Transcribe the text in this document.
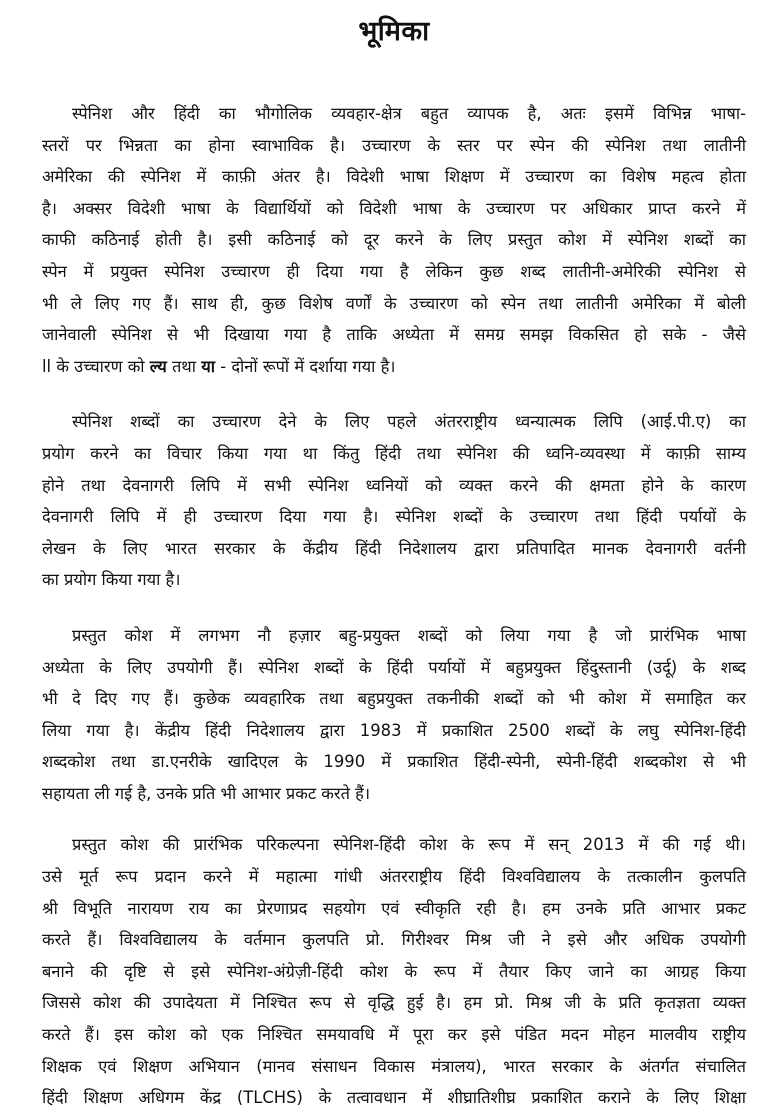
भूमिका
स्पेनिश और हिंदी का भौगोलिक व्यवहार-क्षेत्र बहुत व्यापक है, अतः इसमें विभिन्न भाषा-
स्तरों पर भिन्नता का होना स्वाभाविक है। उच्चारण के स्तर पर स्पेन की स्पेनिश तथा लातीनी
अमेरिका की स्पेनिश में काफ़ी अंतर है। विदेशी भाषा शिक्षण में उच्चारण का विशेष महत्व होता
है। अक्सर विदेशी भाषा के विद्यार्थियों को विदेशी भाषा के उच्चारण पर अधिकार प्राप्त करने में
काफी कठिनाई होती है। इसी कठिनाई को दूर करने के लिए प्रस्तुत कोश में स्पेनिश शब्दों का
स्पेन में प्रयुक्त स्पेनिश उच्चारण ही दिया गया है लेकिन कुछ शब्द लातीनी-अमेरिकी स्पेनिश से
भी ले लिए गए हैं। साथ ही, कुछ विशेष वर्णों के उच्चारण को स्पेन तथा लातीनी अमेरिका में बोली
जानेवाली स्पेनिश से भी दिखाया गया है ताकि अध्येता में समग्र समझ विकसित हो सके - जैसे
ll के उच्चारण को ल्य तथा या - दोनों रूपों में दर्शाया गया है।
स्पेनिश शब्दों का उच्चारण देने के लिए पहले अंतरराष्ट्रीय ध्वन्यात्मक लिपि (आई.पी.ए) का
प्रयोग करने का विचार किया गया था किंतु हिंदी तथा स्पेनिश की ध्वनि-व्यवस्था में काफ़ी साम्य
होने तथा देवनागरी लिपि में सभी स्पेनिश ध्वनियों को व्यक्त करने की क्षमता होने के कारण
देवनागरी लिपि में ही उच्चारण दिया गया है। स्पेनिश शब्दों के उच्चारण तथा हिंदी पर्यायों के
लेखन के लिए भारत सरकार के केंद्रीय हिंदी निदेशालय द्वारा प्रतिपादित मानक देवनागरी वर्तनी
का प्रयोग किया गया है।
प्रस्तुत कोश में लगभग नौ हज़ार बहु-प्रयुक्त शब्दों को लिया गया है जो प्रारंभिक भाषा
अध्येता के लिए उपयोगी हैं। स्पेनिश शब्दों के हिंदी पर्यायों में बहुप्रयुक्त हिंदुस्तानी (उर्दू) के शब्द
भी दे दिए गए हैं। कुछेक व्यवहारिक तथा बहुप्रयुक्त तकनीकी शब्दों को भी कोश में समाहित कर
लिया गया है। केंद्रीय हिंदी निदेशालय द्वारा 1983 में प्रकाशित 2500 शब्दों के लघु स्पेनिश-हिंदी
शब्दकोश तथा डा.एनरीके खादिएल के 1990 में प्रकाशित हिंदी-स्पेनी, स्पेनी-हिंदी शब्दकोश से भी
सहायता ली गई है, उनके प्रति भी आभार प्रकट करते हैं।
प्रस्तुत कोश की प्रारंभिक परिकल्पना स्पेनिश-हिंदी कोश के रूप में सन् 2013 में की गई थी।
उसे मूर्त रूप प्रदान करने में महात्मा गांधी अंतरराष्ट्रीय हिंदी विश्वविद्यालय के तत्कालीन कुलपति
श्री विभूति नारायण राय का प्रेरणाप्रद सहयोग एवं स्वीकृति रही है। हम उनके प्रति आभार प्रकट
करते हैं। विश्वविद्यालय के वर्तमान कुलपति प्रो. गिरीश्वर मिश्र जी ने इसे और अधिक उपयोगी
बनाने की दृष्टि से इसे स्पेनिश-अंग्रेज़ी-हिंदी कोश के रूप में तैयार किए जाने का आग्रह किया
जिससे कोश की उपादेयता में निश्चित रूप से वृद्धि हुई है। हम प्रो. मिश्र जी के प्रति कृतज्ञता व्यक्त
करते हैं। इस कोश को एक निश्चित समयावधि में पूरा कर इसे पंडित मदन मोहन मालवीय राष्ट्रीय
शिक्षक एवं शिक्षण अभियान (मानव संसाधन विकास मंत्रालय), भारत सरकार के अंतर्गत संचालित
हिंदी शिक्षण अधिगम केंद्र (TLCHS) के तत्वावधान में शीघ्रातिशीघ्र प्रकाशित कराने के लिए शिक्षा
